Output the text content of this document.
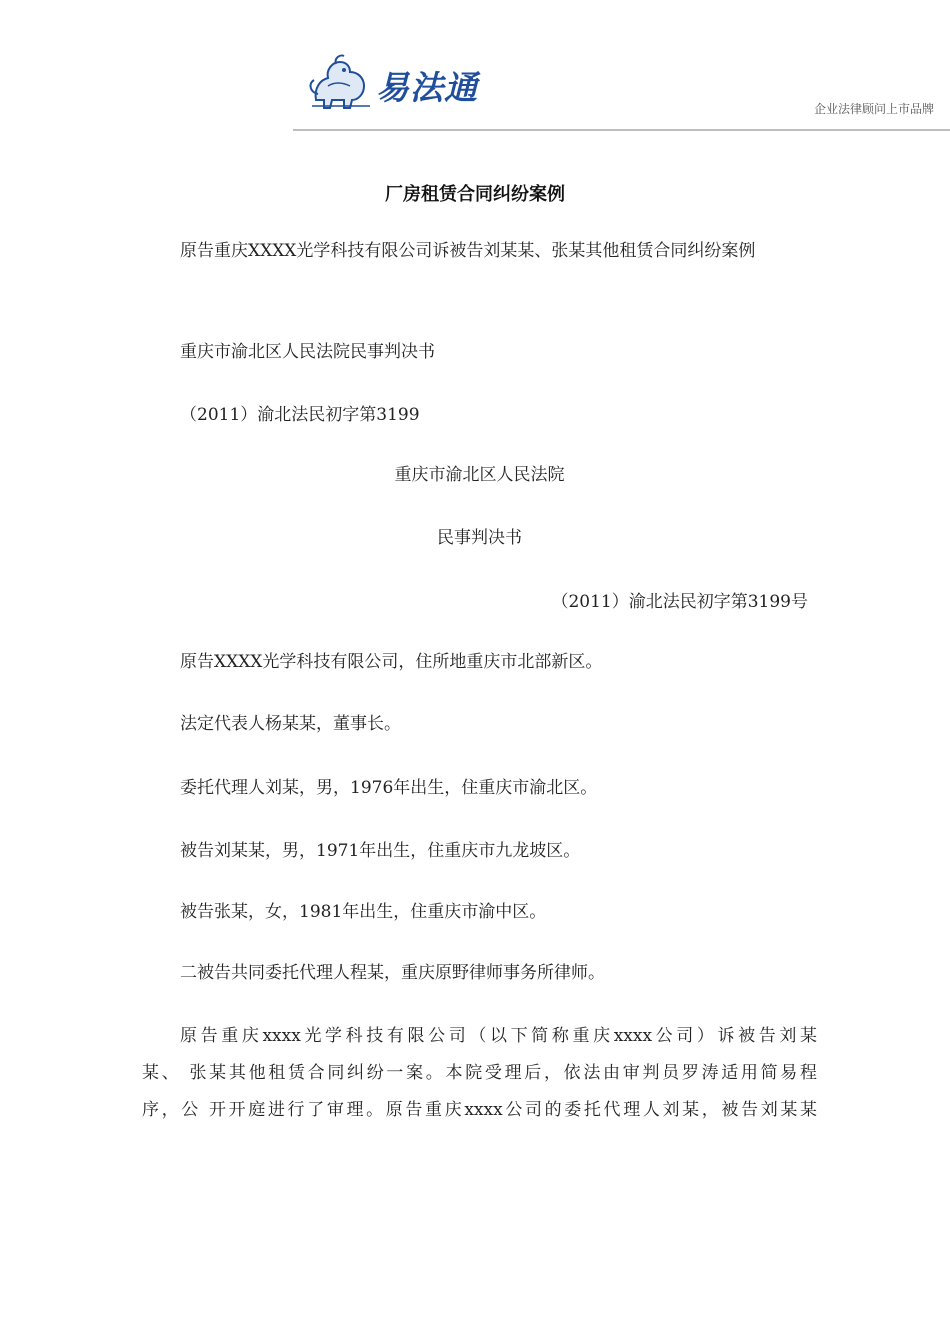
易法通
企业法律顾问上市品牌
厂房租赁合同纠纷案例

原告重庆XXXX光学科技有限公司诉被告刘某某、张某其他租赁合同纠纷案例

重庆市渝北区人民法院民事判决书

（2011）渝北法民初字第3199

重庆市渝北区人民法院

民事判决书

（2011）渝北法民初字第3199号

原告XXXX光学科技有限公司，住所地重庆市北部新区。

法定代表人杨某某，董事长。

委托代理人刘某，男，1976年出生，住重庆市渝北区。

被告刘某某，男，1971年出生，住重庆市九龙坡区。

被告张某，女，1981年出生，住重庆市渝中区。

二被告共同委托代理人程某，重庆原野律师事务所律师。

原告重庆xxxx光学科技有限公司（以下简称重庆xxxx公司）诉被告刘某
某、 张某其他租赁合同纠纷一案。本院受理后，依法由审判员罗涛适用简易程
序，公 开开庭进行了审理。原告重庆xxxx公司的委托代理人刘某，被告刘某某
